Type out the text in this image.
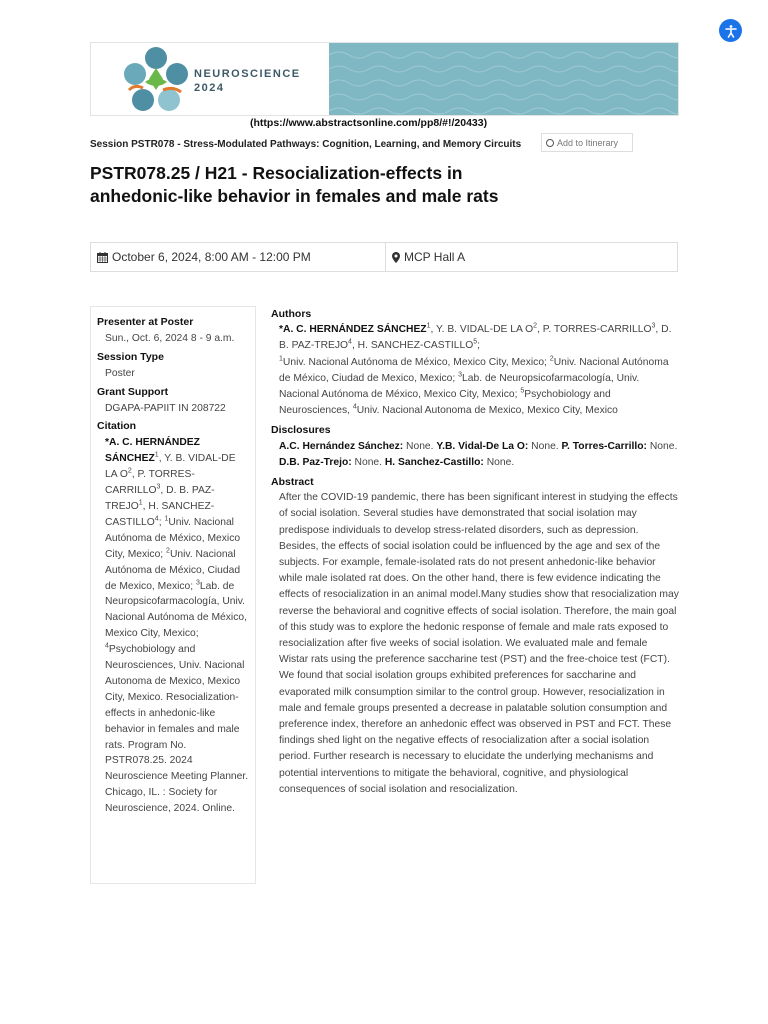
NEUROSCIENCE
2024
(https://www.abstractsonline.com/pp8/#!/20433)
Session PSTR078 - Stress-Modulated Pathways: Cognition, Learning, and Memory Circuits	Add to Itinerary
PSTR078.25 / H21 - Resocialization-effects in anhedonic-like behavior in females and male rats
October 6, 2024, 8:00 AM - 12:00 PM	MCP Hall A
Presenter at Poster
Sun., Oct. 6, 2024 8 - 9 a.m.
Session Type
Poster
Grant Support
DGAPA-PAPIIT IN 208722
Citation
*A. C. HERNÁNDEZ SÁNCHEZ$^1$, Y. B. VIDAL-DE LA $O^2$, P. TORRES-CARRILLO$^3$, D. B. PAZ-TREJO$^1$, H. SANCHEZ-CASTILLO$^4$; $^1$Univ. Nacional Autónoma de México, Mexico City, Mexico; $^2$Univ. Nacional Autónoma de México, Ciudad de Mexico, Mexico; $^3$Lab. de Neuropsicofarmacología, Univ. Nacional Autónoma de México, Mexico City, Mexico; $^4$Psychobiology and Neurosciences, Univ. Nacional Autonoma de Mexico, Mexico City, Mexico. Resocialization-effects in anhedonic-like behavior in females and male rats. Program No. PSTR078.25. 2024 Neuroscience Meeting Planner. Chicago, IL. : Society for Neuroscience, 2024. Online.
Authors
*A. C. HERNÁNDEZ SÁNCHEZ$^1$, Y. B. VIDAL-DE LA $O^2$, P. TORRES-CARRILLO$^3$, D. B. PAZ-TREJO$^4$, H. SANCHEZ-CASTILLO$^5$;
$^1$Univ. Nacional Autónoma de México, Mexico City, Mexico; $^2$Univ. Nacional Autónoma de México, Ciudad de Mexico, Mexico; $^3$Lab. de Neuropsicofarmacología, Univ. Nacional Autónoma de México, Mexico City, Mexico; $^5$Psychobiology and Neurosciences, $^4$Univ. Nacional Autonoma de Mexico, Mexico City, Mexico
Disclosures
A.C. Hernández Sánchez: None. Y.B. Vidal-De La O: None. P. Torres-Carrillo: None. D.B. Paz-Trejo: None. H. Sanchez-Castillo: None.
Abstract
After the COVID-19 pandemic, there has been significant interest in studying the effects of social isolation. Several studies have demonstrated that social isolation may predispose individuals to develop stress-related disorders, such as depression. Besides, the effects of social isolation could be influenced by the age and sex of the subjects. For example, female-isolated rats do not present anhedonic-like behavior while male isolated rat does. On the other hand, there is few evidence indicating the effects of resocialization in an animal model.Many studies show that resocialization may reverse the behavioral and cognitive effects of social isolation. Therefore, the main goal of this study was to explore the hedonic response of female and male rats exposed to resocialization after five weeks of social isolation. We evaluated male and female Wistar rats using the preference saccharine test (PST) and the free-choice test (FCT). We found that social isolation groups exhibited preferences for saccharine and evaporated milk consumption similar to the control group. However, resocialization in male and female groups presented a decrease in palatable solution consumption and preference index, therefore an anhedonic effect was observed in PST and FCT. These findings shed light on the negative effects of resocialization after a social isolation period. Further research is necessary to elucidate the underlying mechanisms and potential interventions to mitigate the behavioral, cognitive, and physiological consequences of social isolation and resocialization.
